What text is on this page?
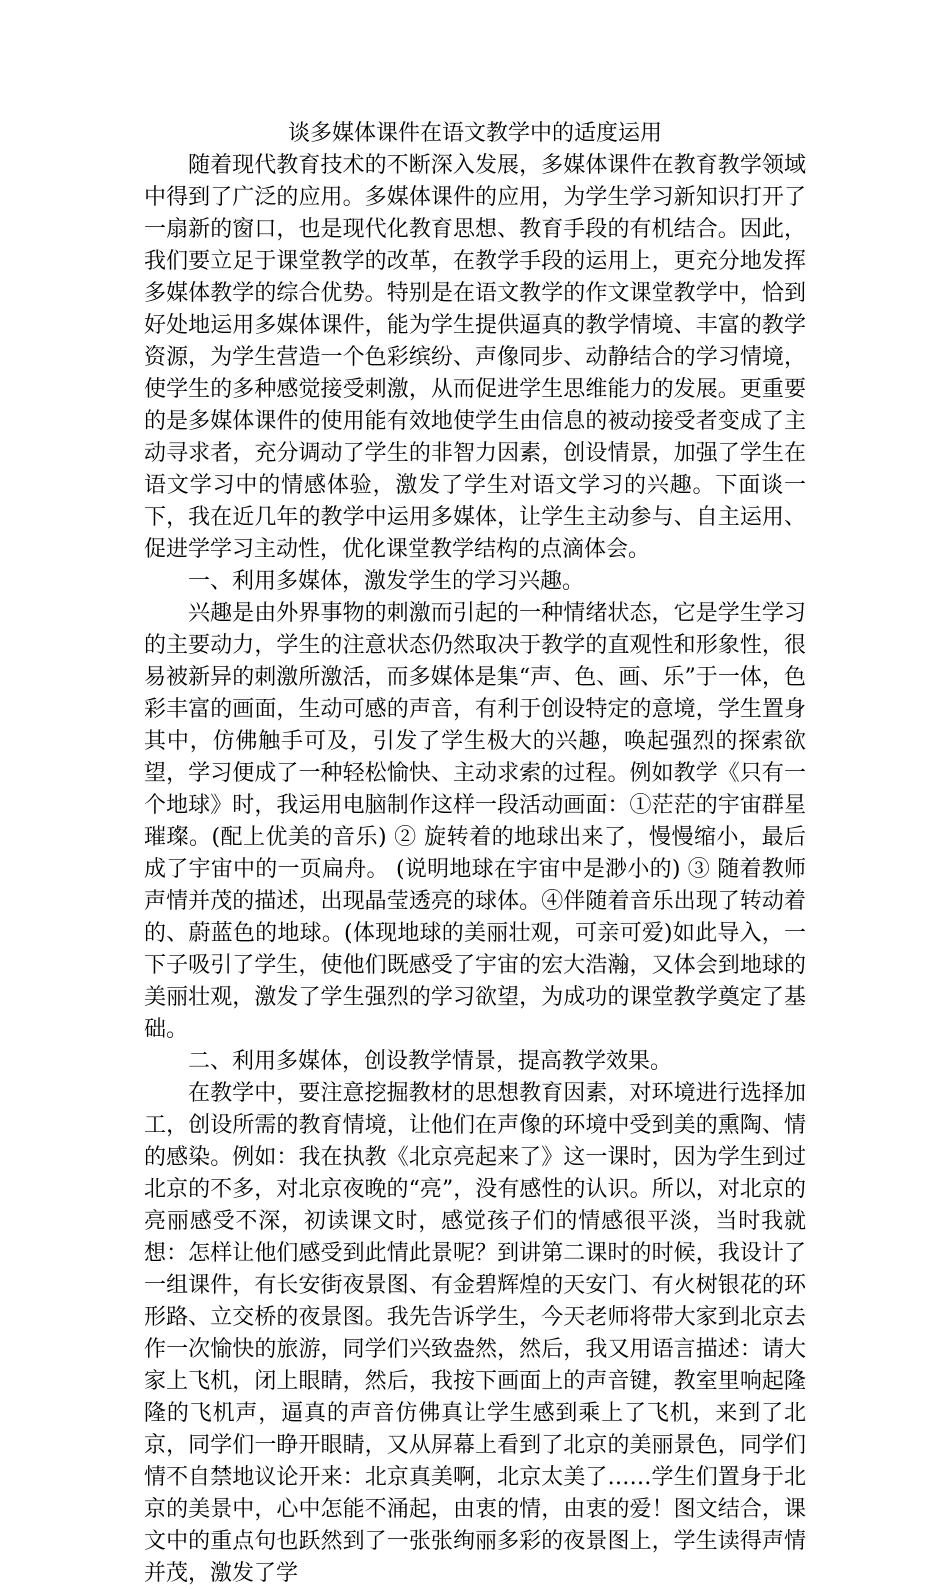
谈多媒体课件在语文教学中的适度运用

随着现代教育技术的不断深入发展，多媒体课件在教育教学领域中得到了广泛的应用。多媒体课件的应用，为学生学习新知识打开了一扇新的窗口，也是现代化教育思想、教育手段的有机结合。因此，我们要立足于课堂教学的改革，在教学手段的运用上，更充分地发挥多媒体教学的综合优势。特别是在语文教学的作文课堂教学中，恰到好处地运用多媒体课件，能为学生提供逼真的教学情境、丰富的教学资源，为学生营造一个色彩缤纷、声像同步、动静结合的学习情境，使学生的多种感觉接受刺激，从而促进学生思维能力的发展。更重要的是多媒体课件的使用能有效地使学生由信息的被动接受者变成了主动寻求者，充分调动了学生的非智力因素，创设情景，加强了学生在语文学习中的情感体验，激发了学生对语文学习的兴趣。下面谈一下，我在近几年的教学中运用多媒体，让学生主动参与、自主运用、促进学学习主动性，优化课堂教学结构的点滴体会。

一、利用多媒体，激发学生的学习兴趣。

兴趣是由外界事物的刺激而引起的一种情绪状态，它是学生学习的主要动力，学生的注意状态仍然取决于教学的直观性和形象性，很易被新异的刺激所激活，而多媒体是集“声、色、画、乐”于一体，色彩丰富的画面，生动可感的声音，有利于创设特定的意境，学生置身其中，仿佛触手可及，引发了学生极大的兴趣，唤起强烈的探索欲望，学习便成了一种轻松愉快、主动求索的过程。例如教学《只有一个地球》时，我运用电脑制作这样一段活动画面：①茫茫的宇宙群星璀璨。(配上优美的音乐) ② 旋转着的地球出来了，慢慢缩小，最后成了宇宙中的一页扁舟。 (说明地球在宇宙中是渺小的) ③ 随着教师声情并茂的描述，出现晶莹透亮的球体。④伴随着音乐出现了转动着的、蔚蓝色的地球。(体现地球的美丽壮观，可亲可爱)如此导入，一下子吸引了学生，使他们既感受了宇宙的宏大浩瀚，又体会到地球的美丽壮观，激发了学生强烈的学习欲望，为成功的课堂教学奠定了基础。

二、利用多媒体，创设教学情景，提高教学效果。

在教学中，要注意挖掘教材的思想教育因素，对环境进行选择加工，创设所需的教育情境，让他们在声像的环境中受到美的熏陶、情的感染。例如：我在执教《北京亮起来了》这一课时，因为学生到过北京的不多，对北京夜晚的“亮”，没有感性的认识。所以，对北京的亮丽感受不深，初读课文时，感觉孩子们的情感很平淡，当时我就想：怎样让他们感受到此情此景呢？到讲第二课时的时候，我设计了一组课件，有长安街夜景图、有金碧辉煌的天安门、有火树银花的环形路、立交桥的夜景图。我先告诉学生，今天老师将带大家到北京去作一次愉快的旅游，同学们兴致盎然，然后，我又用语言描述：请大家上飞机，闭上眼睛，然后，我按下画面上的声音键，教室里响起隆隆的飞机声，逼真的声音仿佛真让学生感到乘上了飞机，来到了北京，同学们一睁开眼睛，又从屏幕上看到了北京的美丽景色，同学们情不自禁地议论开来：北京真美啊，北京太美了……学生们置身于北京的美景中，心中怎能不涌起，由衷的情，由衷的爱！图文结合，课文中的重点句也跃然到了一张张绚丽多彩的夜景图上，学生读得声情并茂，激发了学
